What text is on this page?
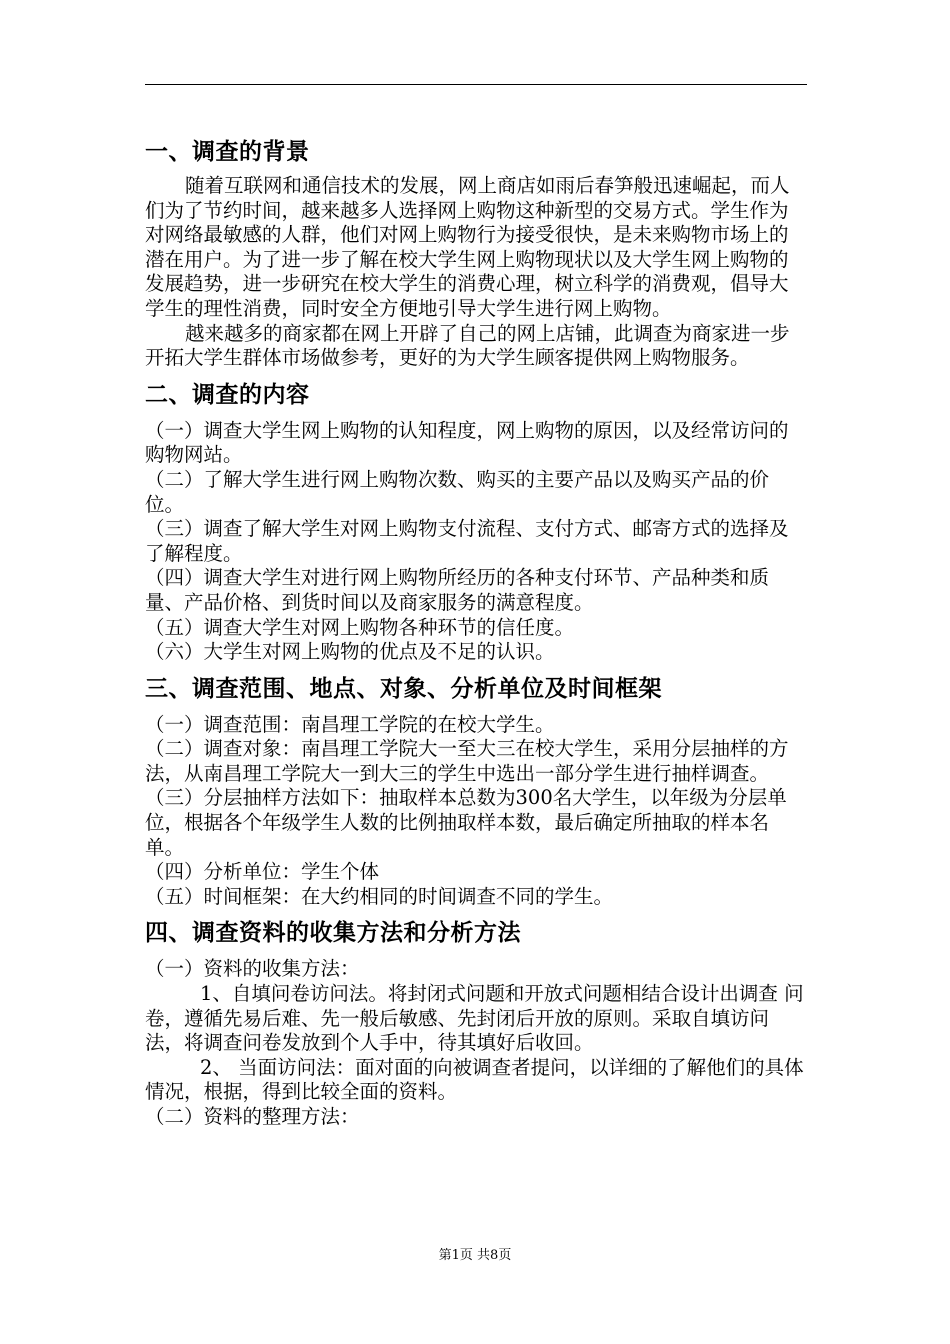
一、调查的背景

随着互联网和通信技术的发展，网上商店如雨后春笋般迅速崛起，而人们为了节约时间，越来越多人选择网上购物这种新型的交易方式。学生作为对网络最敏感的人群，他们对网上购物行为接受很快，是未来购物市场上的潜在用户。为了进一步了解在校大学生网上购物现状以及大学生网上购物的发展趋势，进一步研究在校大学生的消费心理，树立科学的消费观，倡导大学生的理性消费，同时安全方便地引导大学生进行网上购物。

越来越多的商家都在网上开辟了自己的网上店铺，此调查为商家进一步开拓大学生群体市场做参考，更好的为大学生顾客提供网上购物服务。

二、调查的内容

（一）调查大学生网上购物的认知程度，网上购物的原因，以及经常访问的购物网站。

（二）了解大学生进行网上购物次数、购买的主要产品以及购买产品的价位。

（三）调查了解大学生对网上购物支付流程、支付方式、邮寄方式的选择及了解程度。

（四）调查大学生对进行网上购物所经历的各种支付环节、产品种类和质量、产品价格、到货时间以及商家服务的满意程度。

（五）调查大学生对网上购物各种环节的信任度。

（六）大学生对网上购物的优点及不足的认识。

三、调查范围、地点、对象、分析单位及时间框架

（一）调查范围：南昌理工学院的在校大学生。

（二）调查对象：南昌理工学院大一至大三在校大学生，采用分层抽样的方法，从南昌理工学院大一到大三的学生中选出一部分学生进行抽样调查。

（三）分层抽样方法如下：抽取样本总数为300名大学生，以年级为分层单位，根据各个年级学生人数的比例抽取样本数，最后确定所抽取的样本名单。

（四）分析单位：学生个体

（五）时间框架：在大约相同的时间调查不同的学生。

四、调查资料的收集方法和分析方法

（一）资料的收集方法：

1、自填问卷访问法。将封闭式问题和开放式问题相结合设计出调查 问卷，遵循先易后难、先一般后敏感、先封闭后开放的原则。采取自填访问法，将调查问卷发放到个人手中，待其填好后收回。

2、 当面访问法：面对面的向被调查者提问，以详细的了解他们的具体情况，根据，得到比较全面的资料。

（二）资料的整理方法：

第1页 共8页
